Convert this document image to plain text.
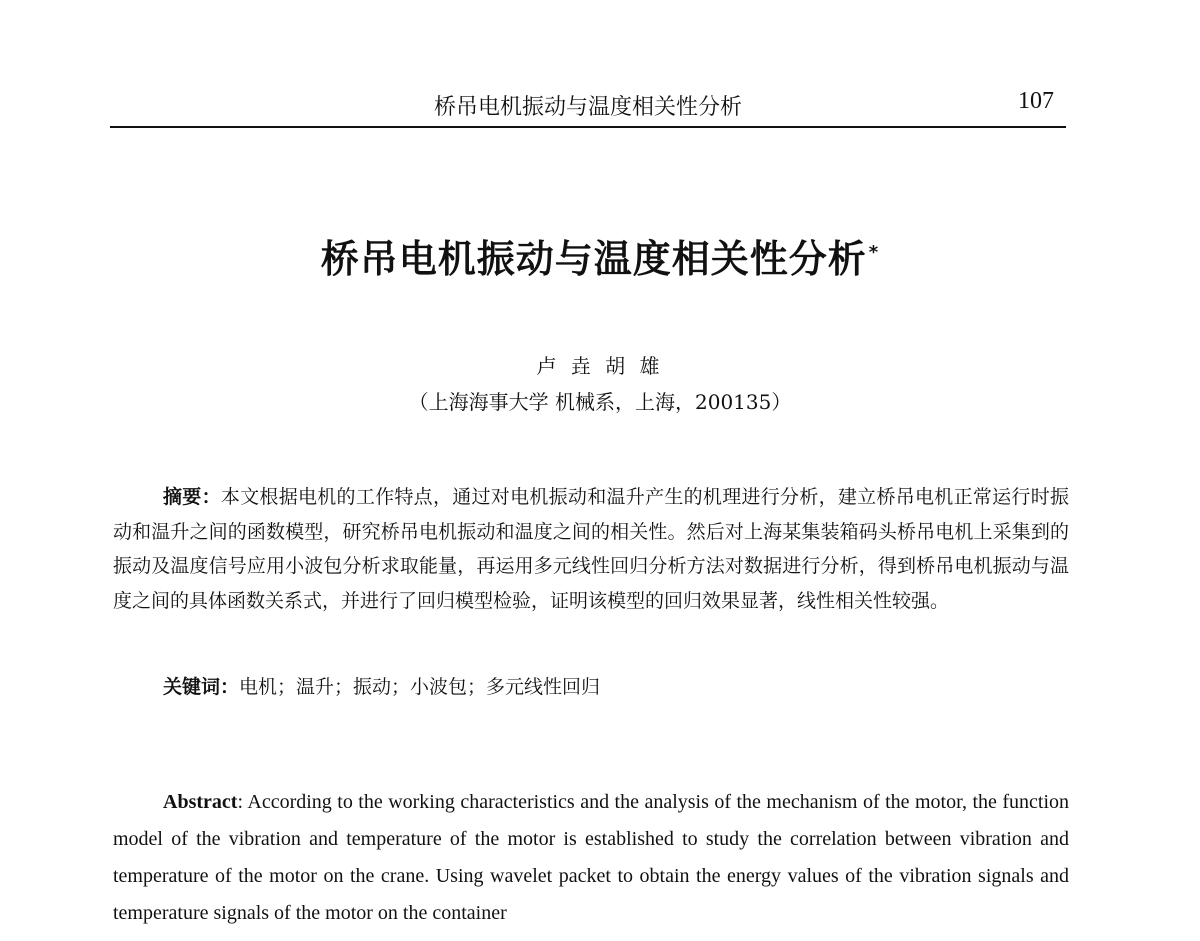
桥吊电机振动与温度相关性分析	107
桥吊电机振动与温度相关性分析 *
卢 垚 胡 雄
（上海海事大学 机械系，上海，200135）

摘要：本文根据电机的工作特点，通过对电机振动和温升产生的机理进行分析，建立桥吊电机正常运行时振动和温升之间的函数模型，研究桥吊电机振动和温度之间的相关性。然后对上海某集装箱码头桥吊电机上采集到的振动及温度信号应用小波包分析求取能量，再运用多元线性回归分析方法对数据进行分析，得到桥吊电机振动与温度之间的具体函数关系式，并进行了回归模型检验，证明该模型的回归效果显著，线性相关性较强。

关键词：电机；温升；振动；小波包；多元线性回归

Abstract: According to the working characteristics and the analysis of the mechanism of the motor, the function model of the vibration and temperature of the motor is established to study the correlation between vibration and temperature of the motor on the crane. Using wavelet packet to obtain the energy values of the vibration signals and temperature signals of the motor on the container
